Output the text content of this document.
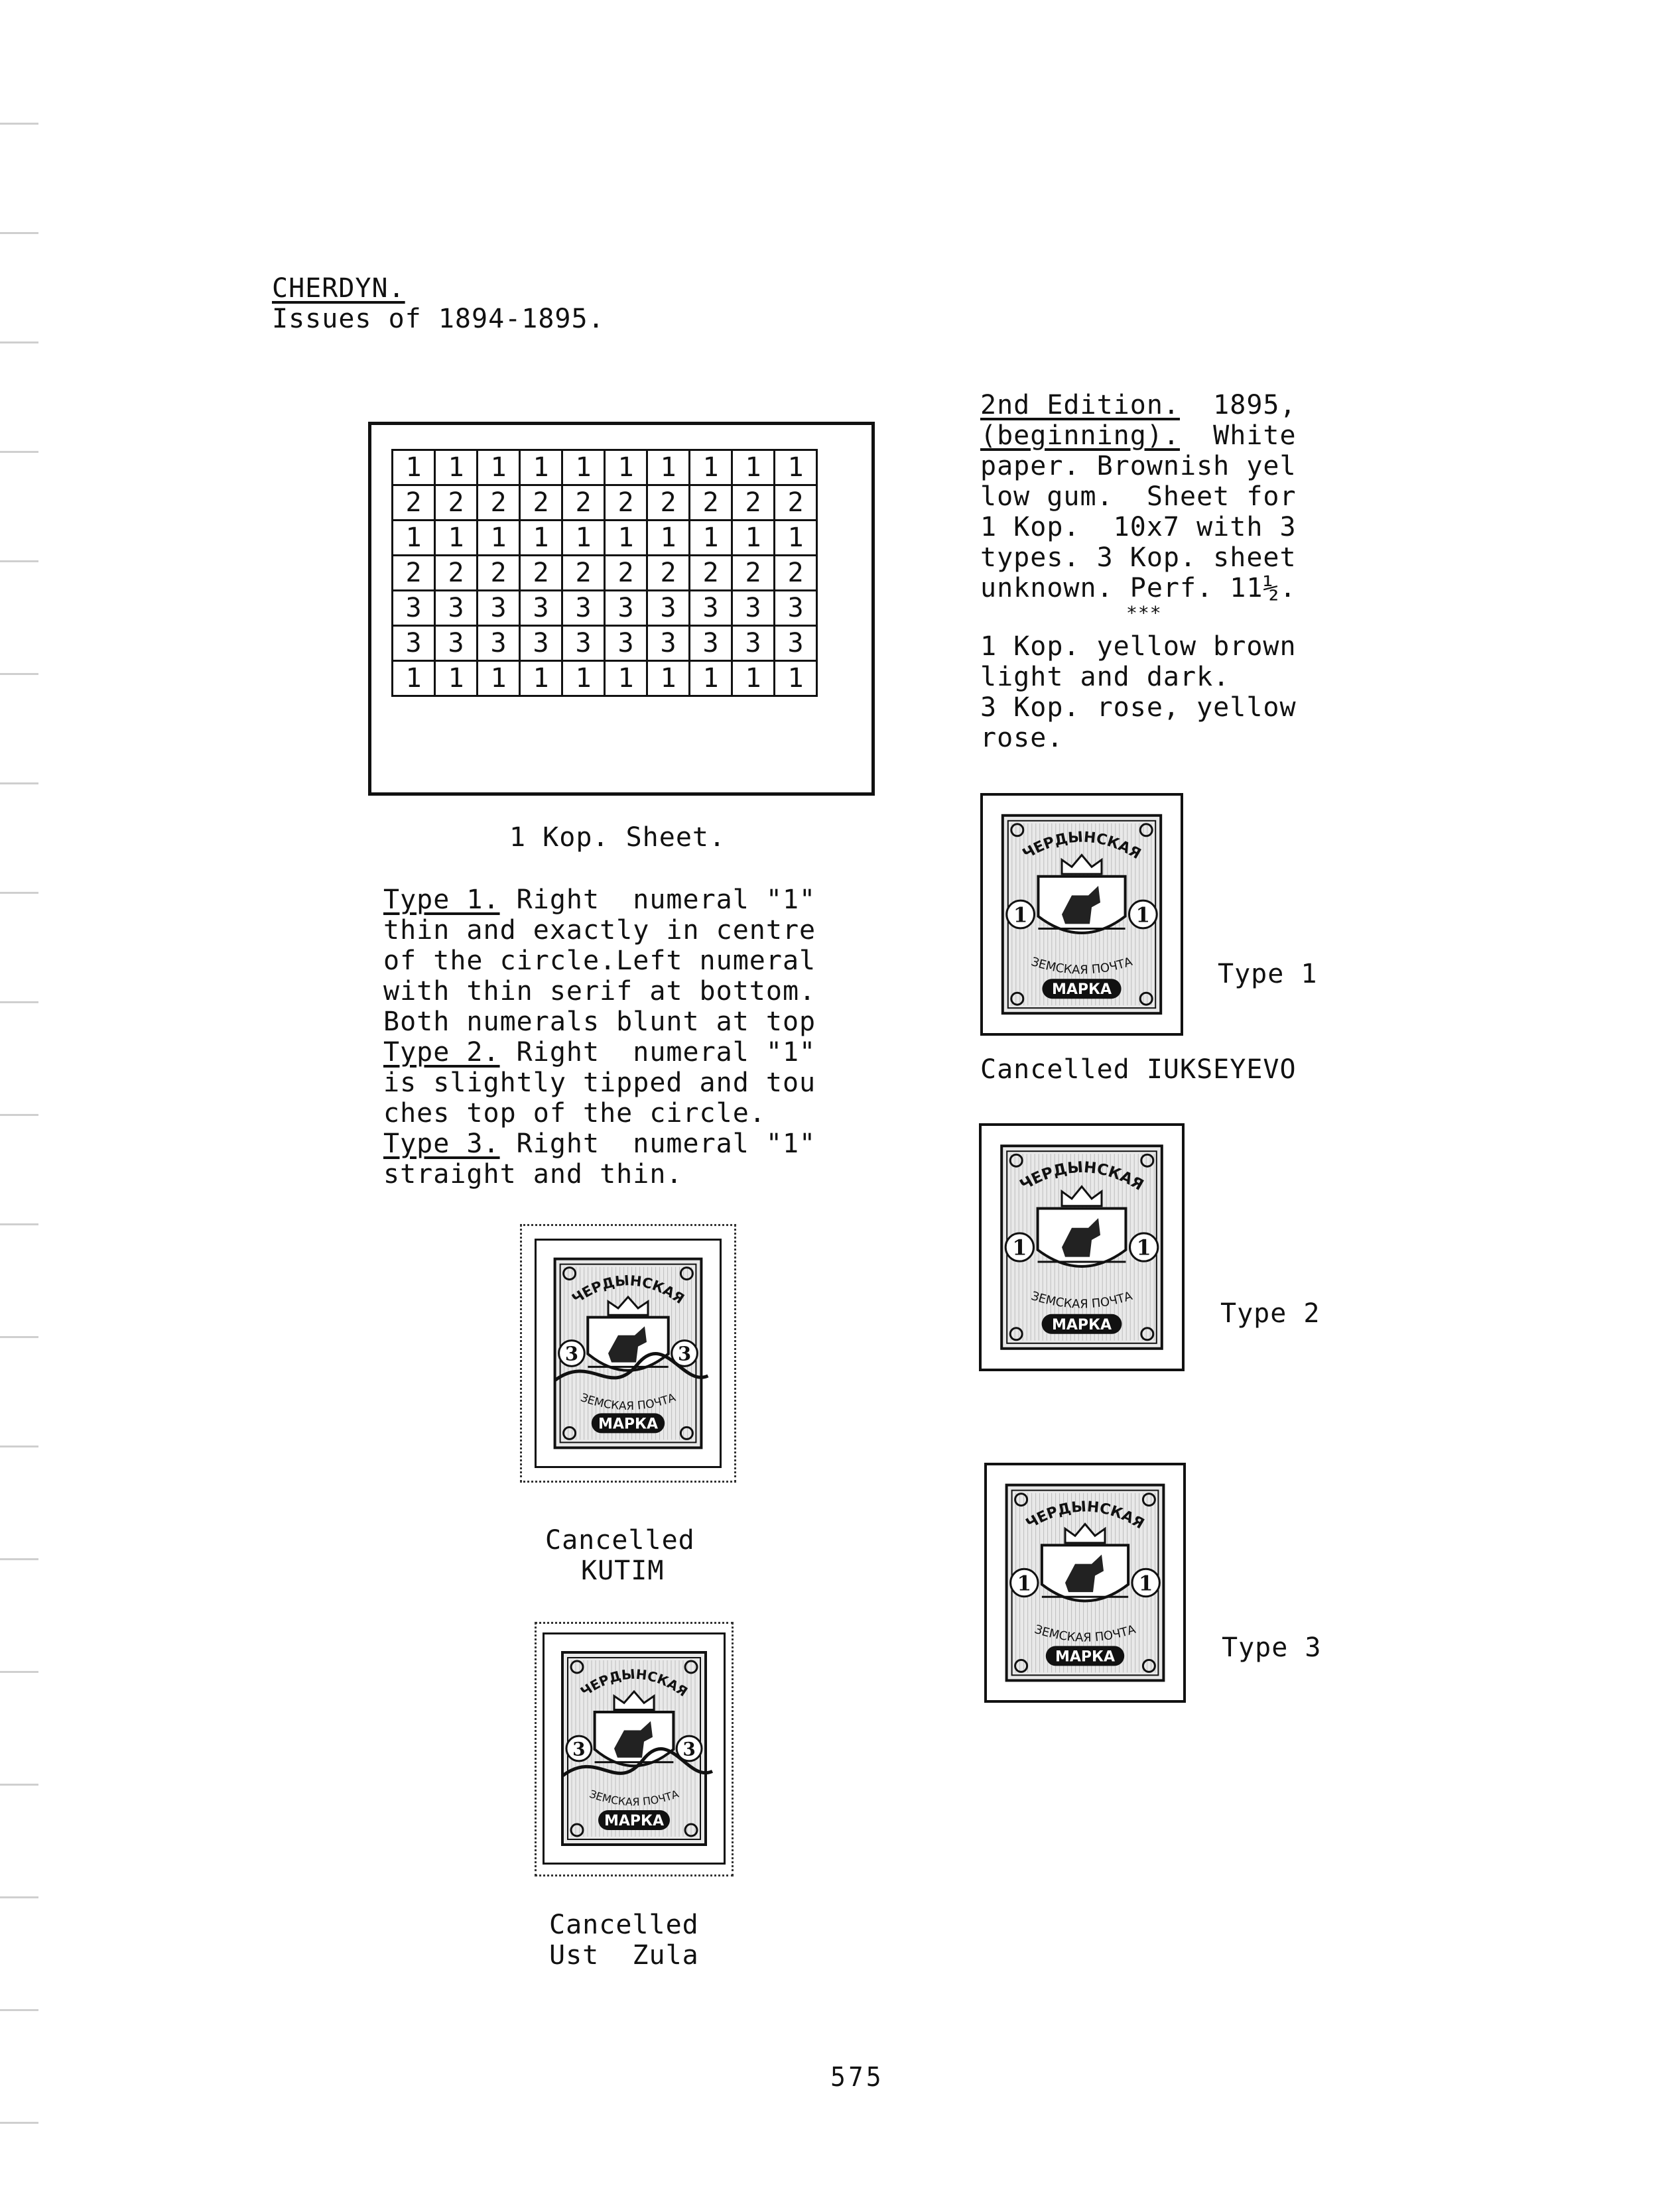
CHERDYN.
Issues of 1894-1895.
1	1	1	1	1	1	1	1	1	1
2	2	2	2	2	2	2	2	2	2
1	1	1	1	1	1	1	1	1	1
2	2	2	2	2	2	2	2	2	2
3	3	3	3	3	3	3	3	3	3
3	3	3	3	3	3	3	3	3	3
1	1	1	1	1	1	1	1	1	1
1 Kop. Sheet.
Type 1. Right  numeral "1"
thin and exactly in centre
of the circle.Left numeral
with thin serif at bottom.
Both numerals blunt at top
Type 2. Right  numeral "1"
is slightly tipped and tou
ches top of the circle.
Type 3. Right  numeral "1"
straight and thin.
2nd Edition.  1895,
(beginning).  White
paper. Brownish yel
low gum.  Sheet for
1 Kop.  10x7 with 3
types. 3 Kop. sheet
unknown. Perf. 11½.
***
1 Kop. yellow brown
light and dark.
3 Kop. rose, yellow
rose.
ЧЕРДЫНСКАЯ
1	1
ЗЕМСКАЯ ПОЧТА
МАРКА
Type 1
Cancelled IUKSEYEVO
ЧЕРДЫНСКАЯ
1	1
ЗЕМСКАЯ ПОЧТА
МАРКА	Type 2
ЧЕРДЫНСКАЯ
1	1
ЗЕМСКАЯ ПОЧТА
МАРКА	Type 3
ЧЕРДЫНСКАЯ
3	3
ЗЕМСКАЯ ПОЧТА
МАРКА
Cancelled
KUTIM
ЧЕРДЫНСКАЯ
3	3
ЗЕМСКАЯ ПОЧТА
МАРКА
Cancelled
Ust  Zula
575
